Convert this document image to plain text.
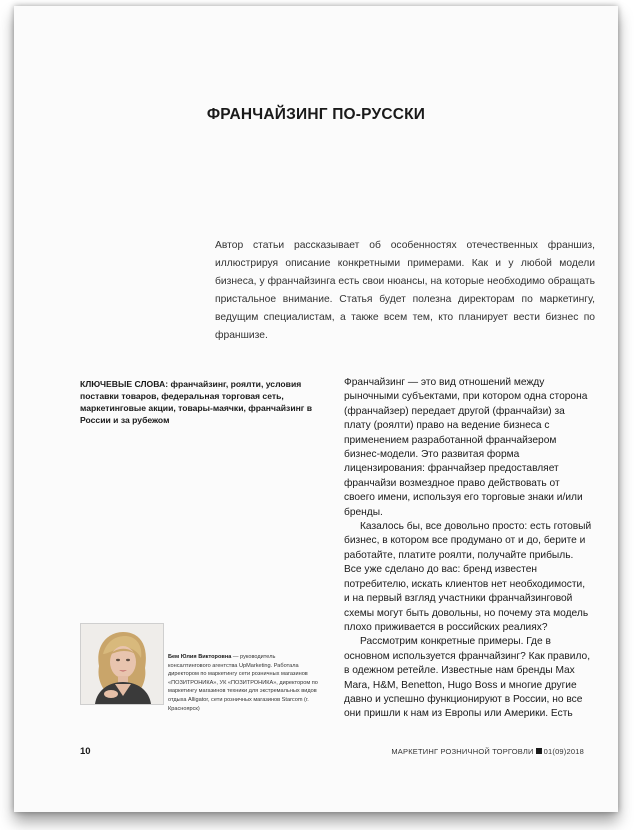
ФРАНЧАЙЗИНГ ПО-РУССКИ

Автор статьи рассказывает об особенностях отечественных франшиз, иллюстрируя описание конкретными примерами. Как и у любой модели бизнеса, у франчайзинга есть свои нюансы, на которые необходимо обращать пристальное внимание. Статья будет полезна директорам по маркетингу, ведущим специалистам, а также всем тем, кто планирует вести бизнес по франшизе.

КЛЮЧЕВЫЕ СЛОВА: франчайзинг, роялти, условия поставки товаров, федеральная торговая сеть, маркетинговые акции, товары-маячки, франчайзинг в России и за рубежом

Франчайзинг — это вид отношений между рыночными субъектами, при котором одна сторона (франчайзер) передает другой (франчайзи) за плату (роялти) право на ведение бизнеса с применением разработанной франчайзером бизнес-модели. Это развитая форма лицензирования: франчайзер предоставляет франчайзи возмездное право действовать от своего имени, используя его торговые знаки и/или бренды.

Казалось бы, все довольно просто: есть готовый бизнес, в котором все продумано от и до, берите и работайте, платите роялти, получайте прибыль. Все уже сделано до вас: бренд известен потребителю, искать клиентов нет необходимости, и на первый взгляд участники франчайзинговой схемы могут быть довольны, но почему эта модель плохо приживается в российских реалиях?

Рассмотрим конкретные примеры. Где в основном используется франчайзинг? Как правило, в одежном ретейле. Известные нам бренды Max Mara, H&M, Benetton, Hugo Boss и многие другие давно и успешно функционируют в России, но все они пришли к нам из Европы или Америки. Есть

Бем Юлия Викторовна — руководитель консалтингового агентства UpMarketing. Работала директором по маркетингу сети розничных магазинов «ПОЗИТРОНИКА», УК «ПОЗИТРОНИКА», директором по маркетингу магазинов техники для экстремальных видов отдыха Alligator, сети розничных магазинов Starcom (г. Красноярск)
10	МАРКЕТИНГ РОЗНИЧНОЙ ТОРГОВЛИ 01(09)2018
